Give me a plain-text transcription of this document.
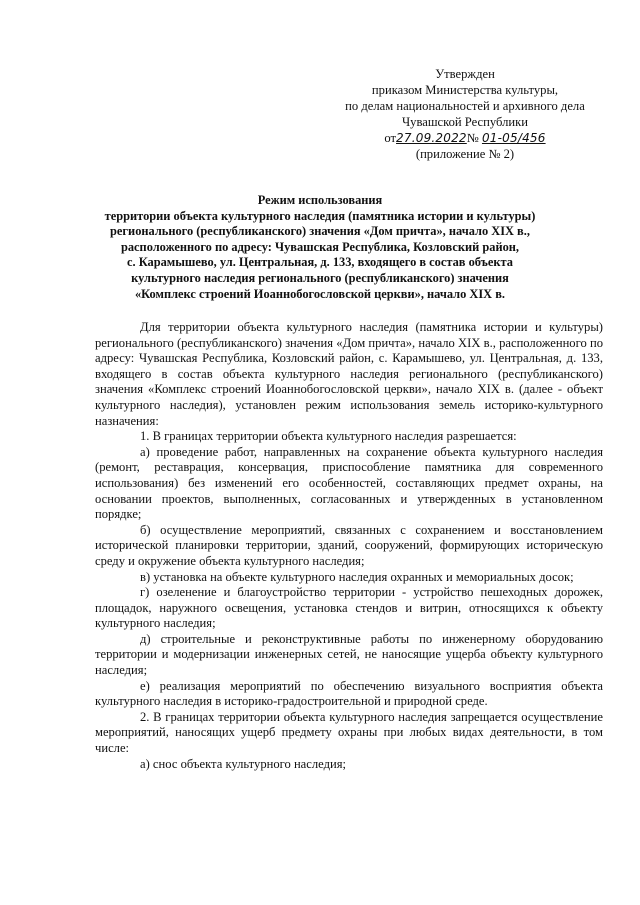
Утвержден
приказом Министерства культуры,
по делам национальностей и архивного дела
Чувашской Республики
от27.09.2022№ 01-05/456
(приложение № 2)
Режим использования
территории объекта культурного наследия (памятника истории и культуры)
регионального (республиканского) значения «Дом причта», начало XIX в.,
расположенного по адресу: Чувашская Республика, Козловский район,
с. Карамышево, ул. Центральная, д. 133, входящего в состав объекта
культурного наследия регионального (республиканского) значения
«Комплекс строений Иоаннобогословской церкви», начало XIX в.

Для территории объекта культурного наследия (памятника истории и культуры) регионального (республиканского) значения «Дом причта», начало XIX в., расположенного по адресу: Чувашская Республика, Козловский район, с. Карамышево, ул. Центральная, д. 133, входящего в состав объекта культурного наследия регионального (республиканского) значения «Комплекс строений Иоаннобогословской церкви», начало XIX в. (далее - объект культурного наследия), установлен режим использования земель историко-культурного назначения:

1. В границах территории объекта культурного наследия разрешается:

а) проведение работ, направленных на сохранение объекта культурного наследия (ремонт, реставрация, консервация, приспособление памятника для современного использования) без изменений его особенностей, составляющих предмет охраны, на основании проектов, выполненных, согласованных и утвержденных в установленном порядке;

б) осуществление мероприятий, связанных с сохранением и восстановлением исторической планировки территории, зданий, сооружений, формирующих историческую среду и окружение объекта культурного наследия;

в) установка на объекте культурного наследия охранных и мемориальных досок;

г) озеленение и благоустройство территории - устройство пешеходных дорожек, площадок, наружного освещения, установка стендов и витрин, относящихся к объекту культурного наследия;

д) строительные и реконструктивные работы по инженерному оборудованию территории и модернизации инженерных сетей, не наносящие ущерба объекту культурного наследия;

е) реализация мероприятий по обеспечению визуального восприятия объекта культурного наследия в историко-градостроительной и природной среде.

2. В границах территории объекта культурного наследия запрещается осуществление мероприятий, наносящих ущерб предмету охраны при любых видах деятельности, в том числе:

а) снос объекта культурного наследия;
